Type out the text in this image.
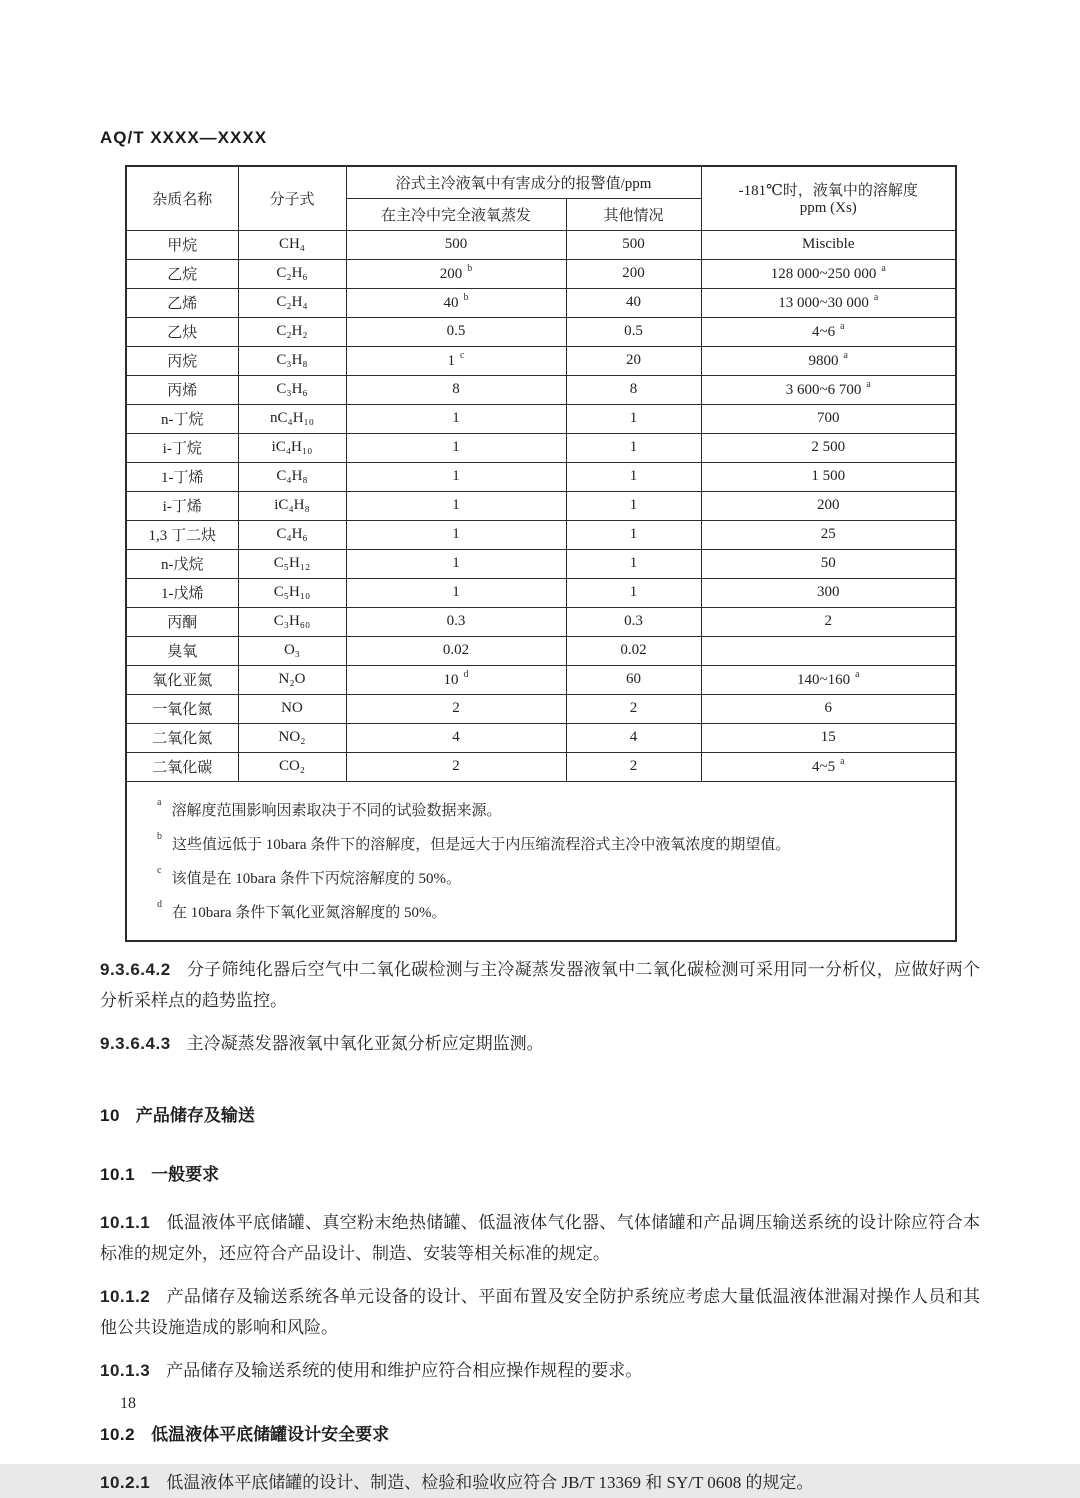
AQ/T XXXX—XXXX
杂质名称	分子式	浴式主冷液氧中有害成分的报警值/ppm		-181℃时，液氧中的溶解度
ppm (Xs)

		在主冷中完全液氧蒸发	其他情况	
甲烷	CH₄	500	500	Miscible
乙烷	C₂H₆	200 $^b$	200	128 000~250 000 $^a$
乙烯	C₂H₄	40 $^b$	40	13 000~30 000 $^a$
乙炔	C₂H₂	0.5	0.5	4~6 $^a$
丙烷	C₃H₈	1 $^c$	20	9800 $^a$
丙烯	C₃H₆	8	8	3 600~6 700 $^a$
n-丁烷	nC₄H₁₀	1	1	700
i-丁烷	iC₄H₁₀	1	1	2 500
1-丁烯	C₄H₈	1	1	1 500
i-丁烯	iC₄H₈	1	1	200
1,3 丁二炔	C₄H₆	1	1	25
n-戊烷	C₅H₁₂	1	1	50
1-戊烯	C₅H₁₀	1	1	300
丙酮	C₃H₆₀	0.3	0.3	2
臭氧	O₃	0.02	0.02	
氧化亚氮	N₂O	10 $^d$	60	140~160 $^a$
一氧化氮	NO	2	2	6
二氧化氮	NO₂	4	4	15
二氧化碳	CO₂	2	2	4~5 $^a$

$^a$溶解度范围影响因素取决于不同的试验数据来源。
$^b$这些值远低于 10bara 条件下的溶解度，但是远大于内压缩流程浴式主冷中液氧浓度的期望值。
$^c$该值是在 10bara 条件下丙烷溶解度的 50%。
$^d$在 10bara 条件下氧化亚氮溶解度的 50%。				
9.3.6.4.2 分子筛纯化器后空气中二氧化碳检测与主冷凝蒸发器液氧中二氧化碳检测可采用同一分析仪，应做好两个分析采样点的趋势监控。
9.3.6.4.3 主冷凝蒸发器液氧中氧化亚氮分析应定期监测。
10 产品储存及输送
10.1 一般要求
10.1.1 低温液体平底储罐、真空粉末绝热储罐、低温液体气化器、气体储罐和产品调压输送系统的设计除应符合本标准的规定外，还应符合产品设计、制造、安装等相关标准的规定。
10.1.2 产品储存及输送系统各单元设备的设计、平面布置及安全防护系统应考虑大量低温液体泄漏对操作人员和其他公共设施造成的影响和风险。
10.1.3 产品储存及输送系统的使用和维护应符合相应操作规程的要求。
10.2 低温液体平底储罐设计安全要求
10.2.1 低温液体平底储罐的设计、制造、检验和验收应符合 JB/T 13369 和 SY/T 0608 的规定。
18
